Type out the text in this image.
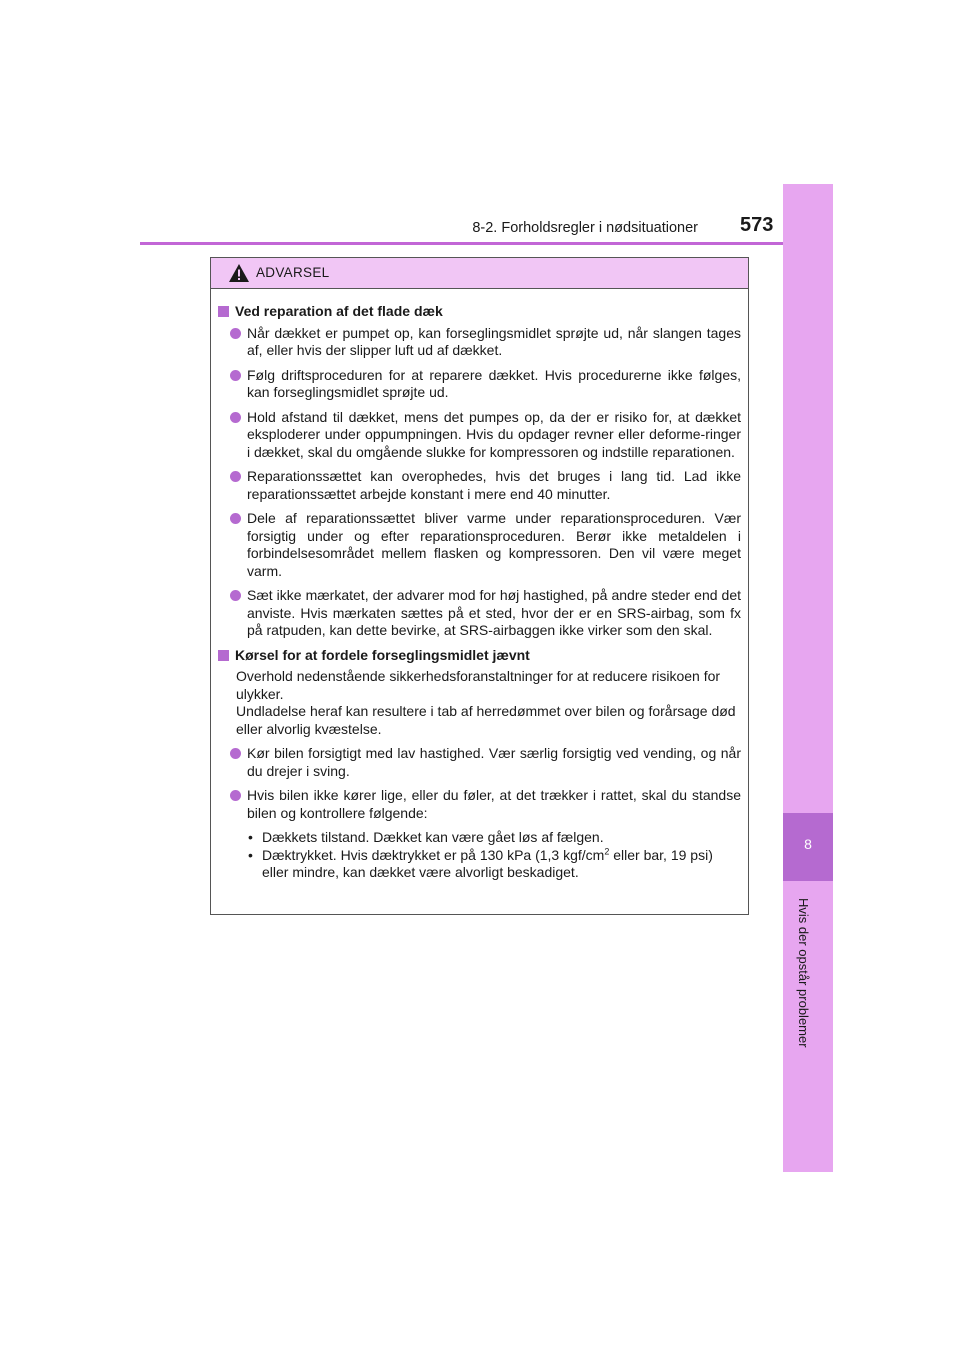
8-2. Forholdsregler i nødsituationer 573
8
Hvis der opstår problemer
ADVARSEL
Ved reparation af det flade dæk
Når dækket er pumpet op, kan forseglingsmidlet sprøjte ud, når slangen tages af, eller hvis der slipper luft ud af dækket.
Følg driftsproceduren for at reparere dækket. Hvis procedurerne ikke følges, kan forseglingsmidlet sprøjte ud.
Hold afstand til dækket, mens det pumpes op, da der er risiko for, at dækket eksploderer under oppumpningen. Hvis du opdager revner eller deforme-ringer i dækket, skal du omgående slukke for kompressoren og indstille reparationen.
Reparationssættet kan overophedes, hvis det bruges i lang tid. Lad ikke reparationssættet arbejde konstant i mere end 40 minutter.
Dele af reparationssættet bliver varme under reparationsproceduren. Vær forsigtig under og efter reparationsproceduren. Berør ikke metaldelen i forbindelsesområdet mellem flasken og kompressoren. Den vil være meget varm.
Sæt ikke mærkatet, der advarer mod for høj hastighed, på andre steder end det anviste. Hvis mærkaten sættes på et sted, hvor der er en SRS-airbag, som fx på ratpuden, kan dette bevirke, at SRS-airbaggen ikke virker som den skal.
Kørsel for at fordele forseglingsmidlet jævnt
Overhold nedenstående sikkerhedsforanstaltninger for at reducere risikoen for ulykker.
Undladelse heraf kan resultere i tab af herredømmet over bilen og forårsage død eller alvorlig kvæstelse.
Kør bilen forsigtigt med lav hastighed. Vær særlig forsigtig ved vending, og når du drejer i sving.
Hvis bilen ikke kører lige, eller du føler, at det trækker i rattet, skal du standse bilen og kontrollere følgende:
• Dækkets tilstand. Dækket kan være gået løs af fælgen.
• Dæktrykket. Hvis dæktrykket er på 130 kPa (1,3 kgf/$cm^2$ eller bar, 19 psi) eller mindre, kan dækket være alvorligt beskadiget.
